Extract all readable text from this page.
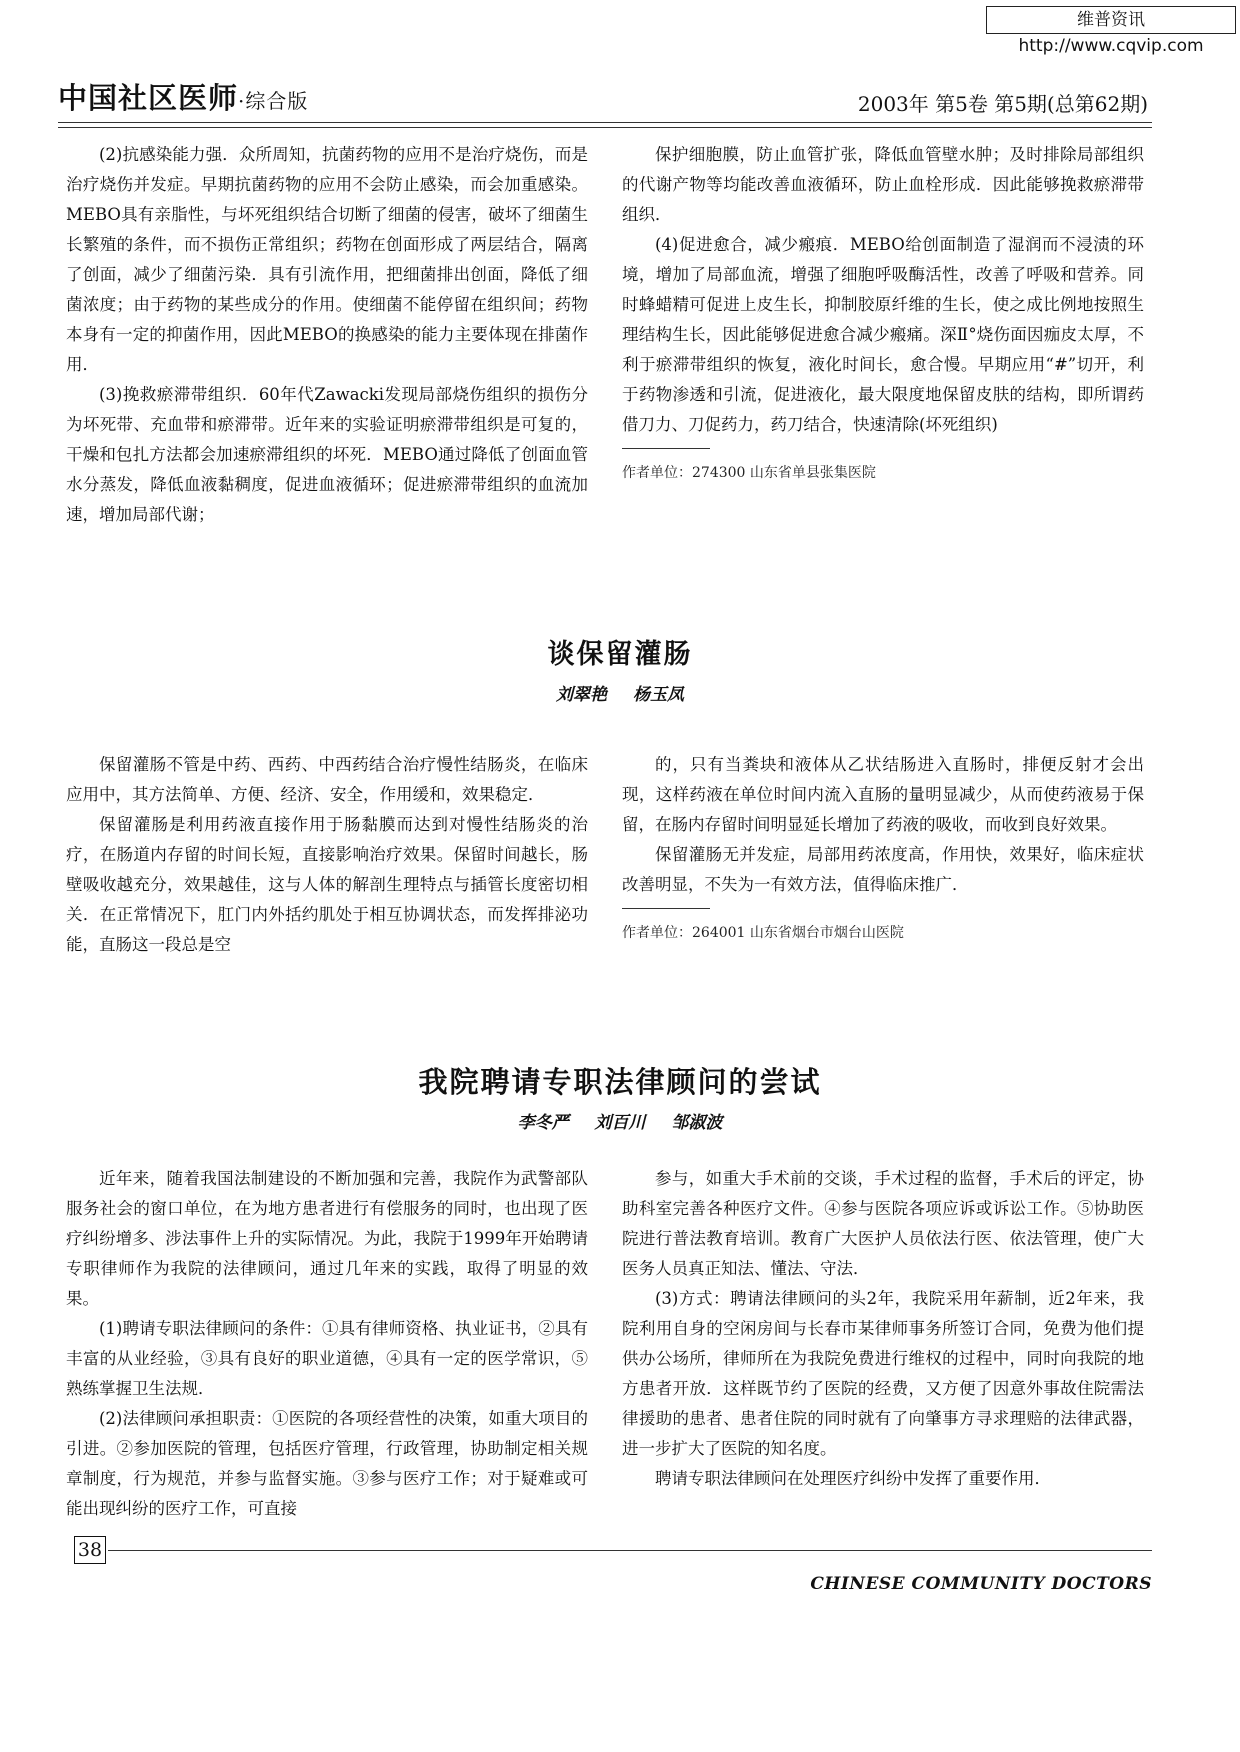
维普资讯 http://www.cqvip.com
中国社区医师·综合版	2003年 第5卷 第5期(总第62期)

(2)抗感染能力强．众所周知，抗菌药物的应用不是治疗烧伤，而是治疗烧伤并发症。早期抗菌药物的应用不会防止感染，而会加重感染。MEBO具有亲脂性，与坏死组织结合切断了细菌的侵害，破坏了细菌生长繁殖的条件，而不损伤正常组织；药物在创面形成了两层结合，隔离了创面，减少了细菌污染．具有引流作用，把细菌排出创面，降低了细菌浓度；由于药物的某些成分的作用。使细菌不能停留在组织间；药物本身有一定的抑菌作用，因此MEBO的换感染的能力主要体现在排菌作用．

(3)挽救瘀滞带组织．60年代Zawacki发现局部烧伤组织的损伤分为坏死带、充血带和瘀滞带。近年来的实验证明瘀滞带组织是可复的，干燥和包扎方法都会加速瘀滞组织的坏死．MEBO通过降低了创面血管水分蒸发，降低血液黏稠度，促进血液循环；促进瘀滞带组织的血流加速，增加局部代谢；

保护细胞膜，防止血管扩张，降低血管壁水肿；及时排除局部组织的代谢产物等均能改善血液循环，防止血栓形成．因此能够挽救瘀滞带组织．

(4)促进愈合，减少瘢痕．MEBO给创面制造了湿润而不浸渍的环境，增加了局部血流，增强了细胞呼吸酶活性，改善了呼吸和营养。同时蜂蜡精可促进上皮生长，抑制胶原纤维的生长，使之成比例地按照生理结构生长，因此能够促进愈合减少瘢痛。深Ⅱ°烧伤面因痂皮太厚，不利于瘀滞带组织的恢复，液化时间长，愈合慢。早期应用“#”切开，利于药物渗透和引流，促进液化，最大限度地保留皮肤的结构，即所谓药借刀力、刀促药力，药刀结合，快速清除(坏死组织)

作者单位：274300 山东省单县张集医院
谈保留灌肠
刘翠艳 杨玉凤

保留灌肠不管是中药、西药、中西药结合治疗慢性结肠炎，在临床应用中，其方法简单、方便、经济、安全，作用缓和，效果稳定．

保留灌肠是利用药液直接作用于肠黏膜而达到对慢性结肠炎的治疗，在肠道内存留的时间长短，直接影响治疗效果。保留时间越长，肠壁吸收越充分，效果越佳，这与人体的解剖生理特点与插管长度密切相关．在正常情况下，肛门内外括约肌处于相互协调状态，而发挥排泌功能，直肠这一段总是空

的，只有当粪块和液体从乙状结肠进入直肠时，排便反射才会出现，这样药液在单位时间内流入直肠的量明显减少，从而使药液易于保留，在肠内存留时间明显延长增加了药液的吸收，而收到良好效果。

保留灌肠无并发症，局部用药浓度高，作用快，效果好，临床症状改善明显，不失为一有效方法，值得临床推广．

作者单位：264001 山东省烟台市烟台山医院
我院聘请专职法律顾问的尝试
李冬严 刘百川 邹淑波

近年来，随着我国法制建设的不断加强和完善，我院作为武警部队服务社会的窗口单位，在为地方患者进行有偿服务的同时，也出现了医疗纠纷增多、涉法事件上升的实际情况。为此，我院于1999年开始聘请专职律师作为我院的法律顾问，通过几年来的实践，取得了明显的效果。

(1)聘请专职法律顾问的条件：①具有律师资格、执业证书，②具有丰富的从业经验，③具有良好的职业道德，④具有一定的医学常识，⑤熟练掌握卫生法规．

(2)法律顾问承担职责：①医院的各项经营性的决策，如重大项目的引进。②参加医院的管理，包括医疗管理，行政管理，协助制定相关规章制度，行为规范，并参与监督实施。③参与医疗工作；对于疑难或可能出现纠纷的医疗工作，可直接

参与，如重大手术前的交谈，手术过程的监督，手术后的评定，协助科室完善各种医疗文件。④参与医院各项应诉或诉讼工作。⑤协助医院进行普法教育培训。教育广大医护人员依法行医、依法管理，使广大医务人员真正知法、懂法、守法．

(3)方式：聘请法律顾问的头2年，我院采用年薪制，近2年来，我院利用自身的空闲房间与长春市某律师事务所签订合同，免费为他们提供办公场所，律师所在为我院免费进行维权的过程中，同时向我院的地方患者开放．这样既节约了医院的经费，又方便了因意外事故住院需法律援助的患者、患者住院的同时就有了向肇事方寻求理赔的法律武器，进一步扩大了医院的知名度。

聘请专职法律顾问在处理医疗纠纷中发挥了重要作用．

38
CHINESE COMMUNITY DOCTORS
